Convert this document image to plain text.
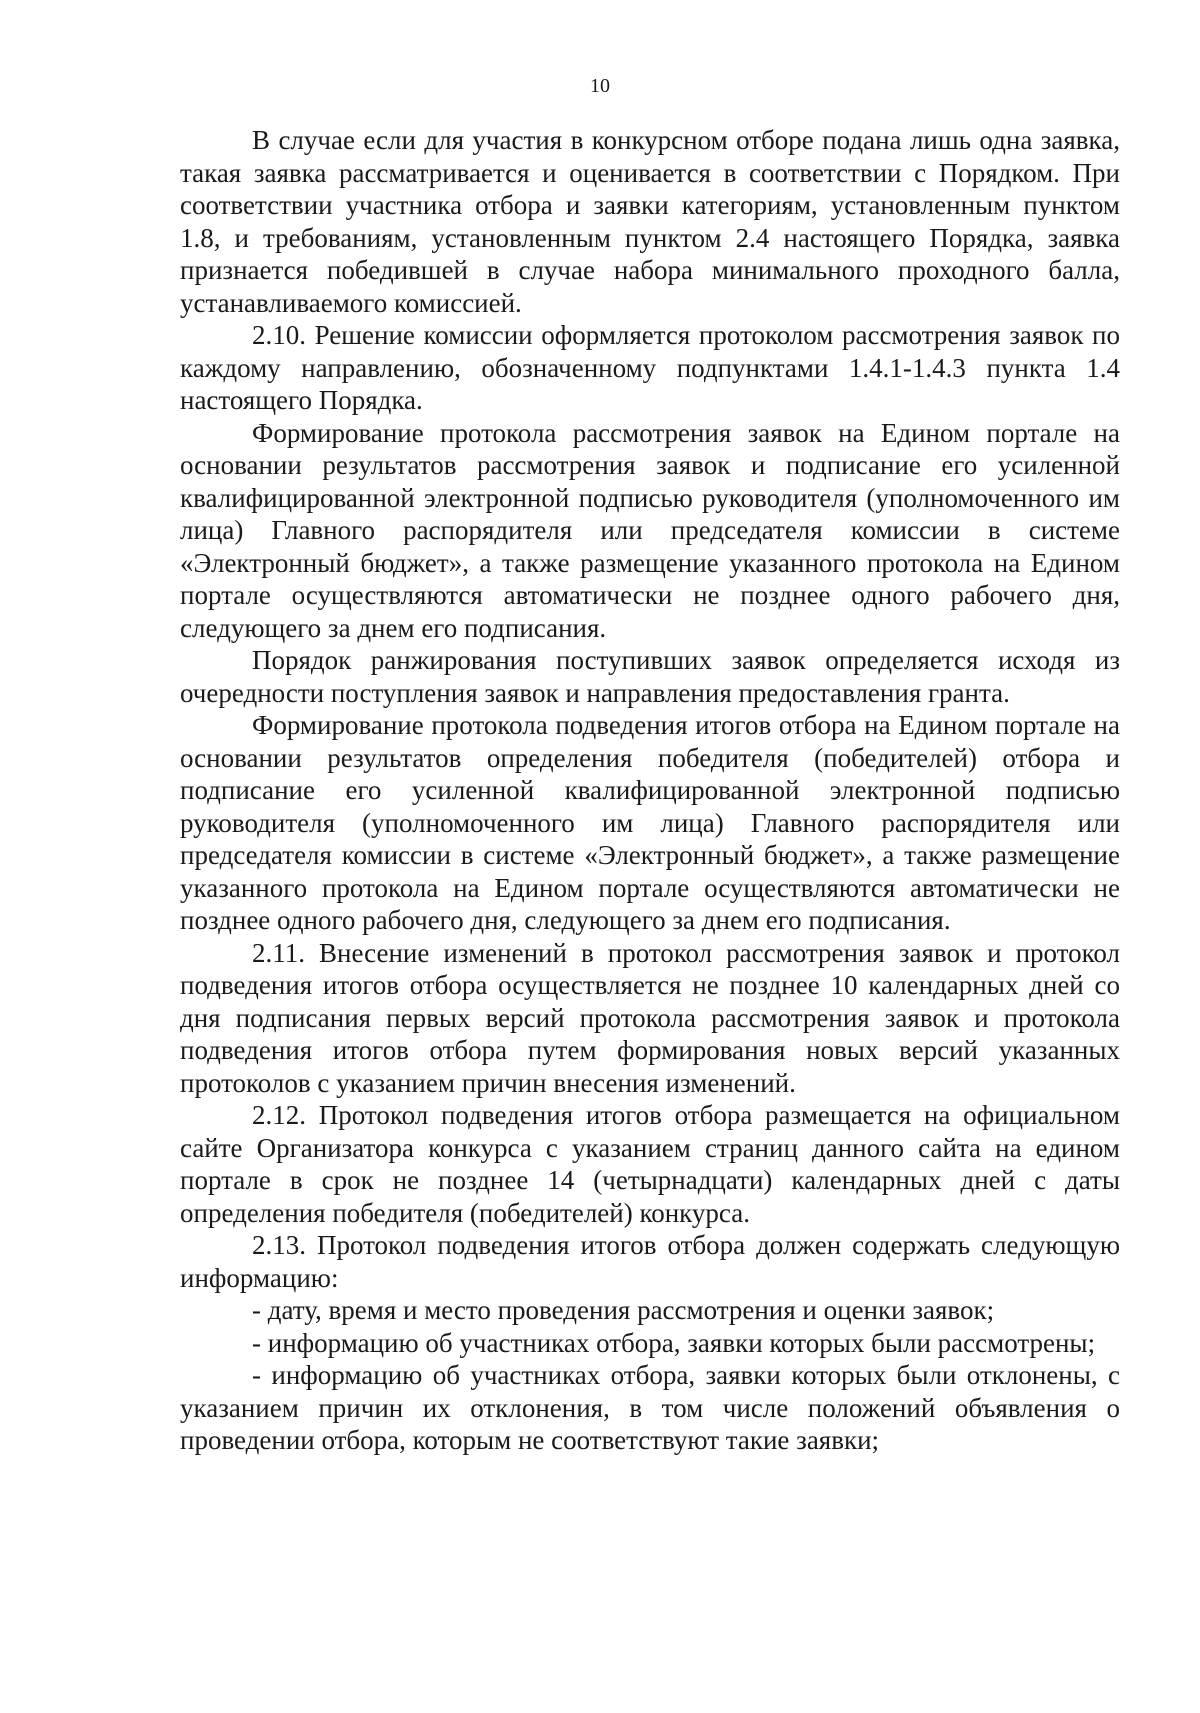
10

В случае если для участия в конкурсном отборе подана лишь одна заявка, такая заявка рассматривается и оценивается в соответствии с Порядком. При соответствии участника отбора и заявки категориям, установленным пунктом 1.8, и требованиям, установленным пунктом 2.4 настоящего Порядка, заявка признается победившей в случае набора минимального проходного балла, устанавливаемого комиссией.

2.10. Решение комиссии оформляется протоколом рассмотрения заявок по каждому направлению, обозначенному подпунктами 1.4.1-1.4.3 пункта 1.4 настоящего Порядка.

Формирование протокола рассмотрения заявок на Едином портале на основании результатов рассмотрения заявок и подписание его усиленной квалифицированной электронной подписью руководителя (уполномоченного им лица) Главного распорядителя или председателя комиссии в системе «Электронный бюджет», а также размещение указанного протокола на Едином портале осуществляются автоматически не позднее одного рабочего дня, следующего за днем его подписания.

Порядок ранжирования поступивших заявок определяется исходя из очередности поступления заявок и направления предоставления гранта.

Формирование протокола подведения итогов отбора на Едином портале на основании результатов определения победителя (победителей) отбора и подписание его усиленной квалифицированной электронной подписью руководителя (уполномоченного им лица) Главного распорядителя или председателя комиссии в системе «Электронный бюджет», а также размещение указанного протокола на Едином портале осуществляются автоматически не позднее одного рабочего дня, следующего за днем его подписания.

2.11. Внесение изменений в протокол рассмотрения заявок и протокол подведения итогов отбора осуществляется не позднее 10 календарных дней со дня подписания первых версий протокола рассмотрения заявок и протокола подведения итогов отбора путем формирования новых версий указанных протоколов с указанием причин внесения изменений.

2.12. Протокол подведения итогов отбора размещается на официальном сайте Организатора конкурса с указанием страниц данного сайта на едином портале в срок не позднее 14 (четырнадцати) календарных дней с даты определения победителя (победителей) конкурса.

2.13. Протокол подведения итогов отбора должен содержать следующую информацию:

- дату, время и место проведения рассмотрения и оценки заявок;

- информацию об участниках отбора, заявки которых были рассмотрены;

- информацию об участниках отбора, заявки которых были отклонены, с указанием причин их отклонения, в том числе положений объявления о проведении отбора, которым не соответствуют такие заявки;
